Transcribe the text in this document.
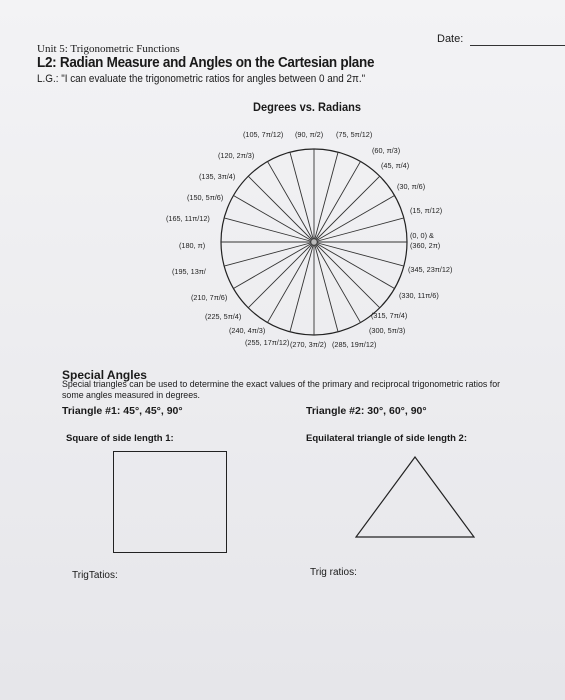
Date:
Unit 5: Trigonometric Functions
L2: Radian Measure and Angles on the Cartesian plane
L.G.: "I can evaluate the trigonometric ratios for angles between 0 and 2π."
Degrees vs. Radians
(0, 0) &
(360, 2π)
(15, π/12)
(30, π/6)
(45, π/4)
(60, π/3)
(75, 5π/12)
(90, π/2)
(105, 7π/12)
(120, 2π/3)
(135, 3π/4)
(150, 5π/6)
(165, 11π/12)
(180, π)
(195, 13π/
(210, 7π/6)
(225, 5π/4)
(240, 4π/3)
(255, 17π/12) (270, 3π/2) (285, 19π/12)
(300, 5π/3)
(315, 7π/4)
(330, 11π/6)
(345, 23π/12)
Special Angles
Special triangles can be used to determine the exact values of the primary and reciprocal trigonometric ratios for some angles measured in degrees.
Triangle #1: 45°, 45°, 90°	Triangle #2: 30°, 60°, 90°
Square of side length 1:	Equilateral triangle of side length 2:
TrigTatios:	Trig ratios:
